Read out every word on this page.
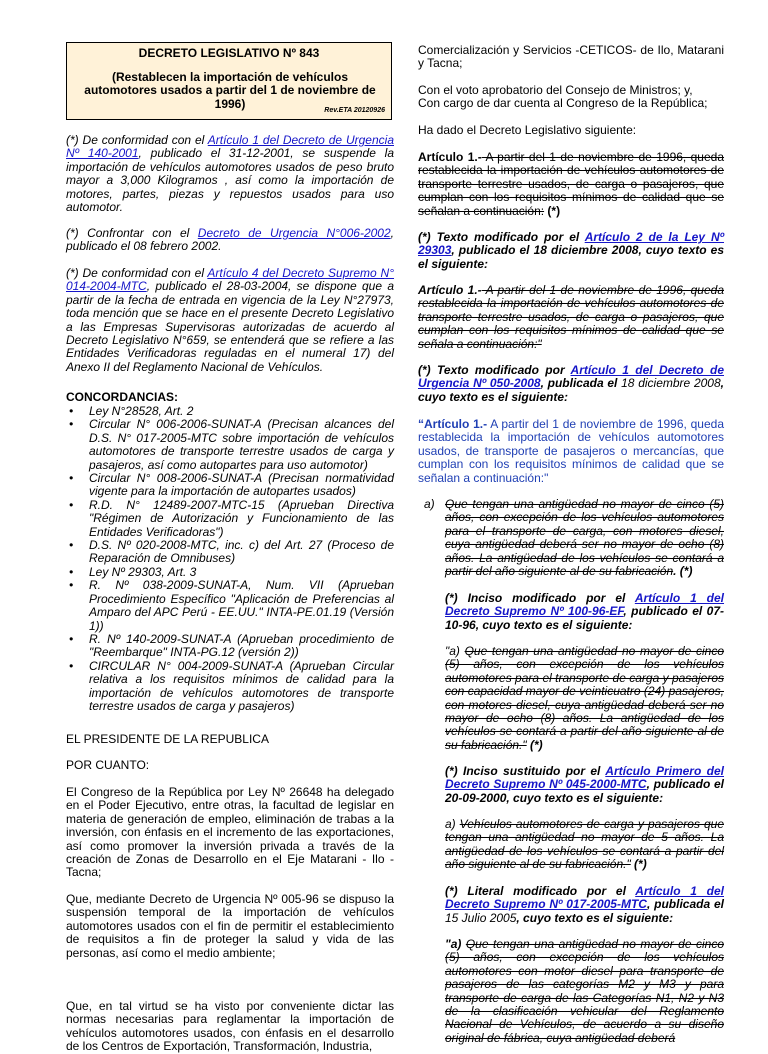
DECRETO LEGISLATIVO Nº 843
(Restablecen la importación de vehículos automotores usados a partir del 1 de noviembre de 1996)	Rev.ETA 20120926

(*) De conformidad con el Artículo 1 del Decreto de Urgencia Nº 140-2001, publicado el 31-12-2001, se suspende la importación de vehículos automotores usados de peso bruto mayor a 3,000 Kilogramos , así como la importación de motores, partes, piezas y repuestos usados para uso automotor.

(*) Confrontar con el Decreto de Urgencia N°006-2002, publicado el 08 febrero 2002.

(*) De conformidad con el Artículo 4 del Decreto Supremo N° 014-2004-MTC, publicado el 28-03-2004, se dispone que a partir de la fecha de entrada en vigencia de la Ley N°27973, toda mención que se hace en el presente Decreto Legislativo a las Empresas Supervisoras autorizadas de acuerdo al Decreto Legislativo N°659, se entenderá que se refiere a las Entidades Verificadoras reguladas en el numeral 17) del Anexo II del Reglamento Nacional de Vehículos.

CONCORDANCIAS:
• Ley N°28528, Art. 2
• Circular N° 006-2006-SUNAT-A (Precisan alcances del D.S. N° 017-2005-MTC sobre importación de vehículos automotores de transporte terrestre usados de carga y pasajeros, así como autopartes para uso automotor)
• Circular N° 008-2006-SUNAT-A (Precisan normatividad vigente para la importación de autopartes usados)
• R.D. N° 12489-2007-MTC-15 (Aprueban Directiva "Régimen de Autorización y Funcionamiento de las Entidades Verificadoras")
• D.S. Nº 020-2008-MTC, inc. c) del Art. 27 (Proceso de Reparación de Omnibuses)
• Ley Nº 29303, Art. 3
• R. Nº 038-2009-SUNAT-A, Num. VII (Aprueban Procedimiento Específico "Aplicación de Preferencias al Amparo del APC Perú - EE.UU." INTA-PE.01.19 (Versión 1))
• R. Nº 140-2009-SUNAT-A (Aprueban procedimiento de "Reembarque" INTA-PG.12 (versión 2))
• CIRCULAR N° 004-2009-SUNAT-A (Aprueban Circular relativa a los requisitos mínimos de calidad para la importación de vehículos automotores de transporte terrestre usados de carga y pasajeros)
EL PRESIDENTE DE LA REPUBLICA
POR CUANTO:

El Congreso de la República por Ley Nº 26648 ha delegado en el Poder Ejecutivo, entre otras, la facultad de legislar en materia de generación de empleo, eliminación de trabas a la inversión, con énfasis en el incremento de las exportaciones, así como promover la inversión privada a través de la creación de Zonas de Desarrollo en el Eje Matarani - Ilo - Tacna;

Que, mediante Decreto de Urgencia Nº 005-96 se dispuso la suspensión temporal de la importación de vehículos automotores usados con el fin de permitir el establecimiento de requisitos a fin de proteger la salud y vida de las personas, así como el medio ambiente;

Que, en tal virtud se ha visto por conveniente dictar las normas necesarias para reglamentar la importación de vehículos automotores usados, con énfasis en el desarrollo de los Centros de Exportación, Transformación, Industria,

Comercialización y Servicios -CETICOS- de Ilo, Matarani y Tacna;

Con el voto aprobatorio del Consejo de Ministros; y,
Con cargo de dar cuenta al Congreso de la República;
Ha dado el Decreto Legislativo siguiente:

Artículo 1.- A partir del 1 de noviembre de 1996, queda restablecida la importación de vehículos automotores de transporte terrestre usados, de carga o pasajeros, que cumplan con los requisitos mínimos de calidad que se señalan a continuación: (*)

(*) Texto modificado por el Artículo 2 de la Ley Nº 29303, publicado el 18 diciembre 2008, cuyo texto es el siguiente:

Artículo 1.- A partir del 1 de noviembre de 1996, queda restablecida la importación de vehículos automotores de transporte terrestre usados, de carga o pasajeros, que cumplan con los requisitos mínimos de calidad que se señala a continuación:"

(*) Texto modificado por Artículo 1 del Decreto de Urgencia Nº 050-2008, publicada el 18 diciembre 2008, cuyo texto es el siguiente:

“Artículo 1.- A partir del 1 de noviembre de 1996, queda restablecida la importación de vehículos automotores usados, de transporte de pasajeros o mercancías, que cumplan con los requisitos mínimos de calidad que se señalan a continuación:"

a) Que tengan una antigüedad no mayor de cinco (5) años, con excepción de los vehículos automotores para el transporte de carga, con motores diesel, cuya antigüedad deberá ser no mayor de ocho (8) años. La antigüedad de los vehículos se contará a partir del año siguiente al de su fabricación. (*)

(*) Inciso modificado por el Artículo 1 del Decreto Supremo Nº 100-96-EF, publicado el 07-10-96, cuyo texto es el siguiente:

"a) Que tengan una antigüedad no mayor de cinco (5) años, con excepción de los vehículos automotores para el transporte de carga y pasajeros con capacidad mayor de veinticuatro (24) pasajeros, con motores diesel, cuya antigüedad deberá ser no mayor de ocho (8) años. La antigüedad de los vehículos se contará a partir del año siguiente al de su fabricación." (*)

(*) Inciso sustituido por el Artículo Primero del Decreto Supremo Nº 045-2000-MTC, publicado el 20-09-2000, cuyo texto es el siguiente:

a) Vehículos automotores de carga y pasajeros que tengan una antigüedad no mayor de 5 años. La antigüedad de los vehículos se contará a partir del año siguiente al de su fabricación." (*)

(*) Literal modificado por el Artículo 1 del Decreto Supremo Nº 017-2005-MTC, publicada el 15 Julio 2005, cuyo texto es el siguiente:

"a) Que tengan una antigüedad no mayor de cinco (5) años, con excepción de los vehículos automotores con motor diesel para transporte de pasajeros de las categorías M2 y M3 y para transporte de carga de las Categorías N1, N2 y N3 de la clasificación vehicular del Reglamento Nacional de Vehículos, de acuerdo a su diseño original de fábrica, cuya antigüedad deberá
